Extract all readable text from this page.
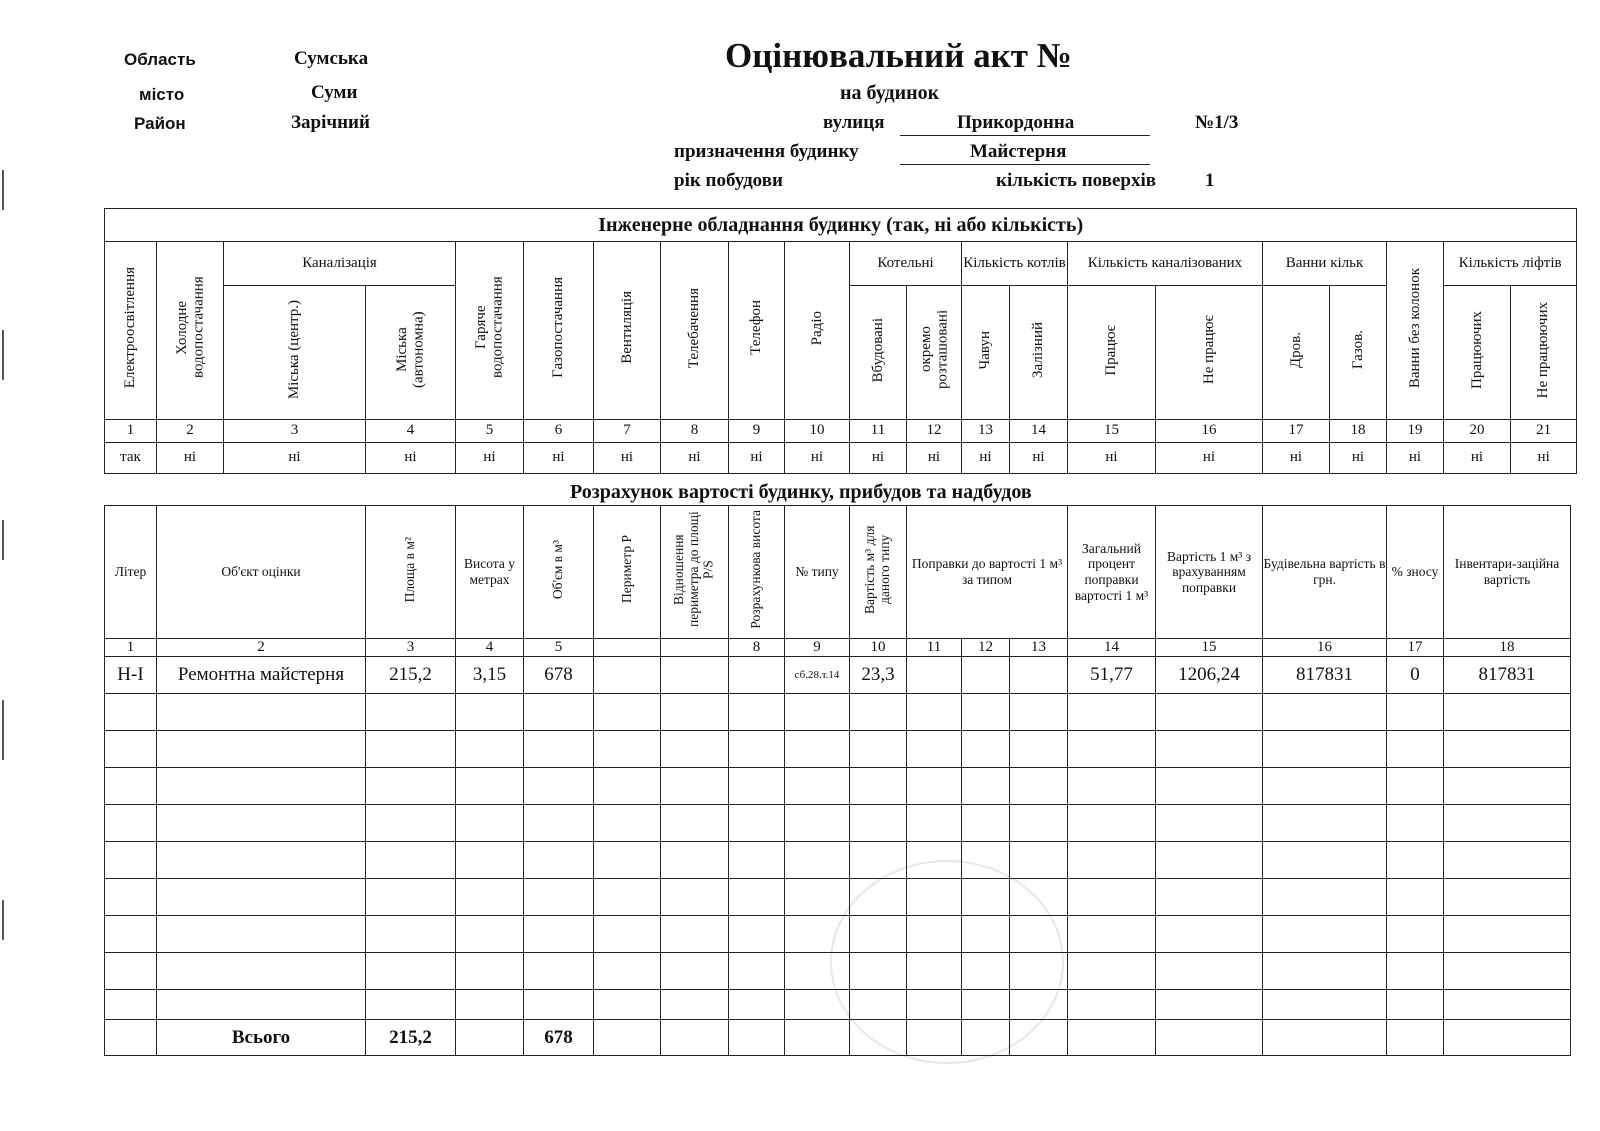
Область	Сумська
місто	Суми
Район	Зарічний
Оцінювальний акт №
на будинок
вулиця	Прикордонна	№1/3
призначення будинку	Майстерня
рік побудови	кількість поверхів	1
Інженерне обладнання будинку (так, ні або кількість)																				
Електроосвітлення	Холодне водопостачання	Каналізація		Гаряче водопостачання	Газопостачання	Вентиляція	Телебачення	Телефон	Радіо	Котельні		Кількість котлів		Кількість каналізованих		Ванни кільк		Ванни без колонок	Кількість ліфтів	
		Міська (центр.)	Міська (автономна)							Вбудовані	окремо розташовані	Чавун	Залізний	Працює	Не працює	Дров.	Газов.		Працюючих	Не працюючих
1	2	3	4	5	6	7	8	9	10	11	12	13	14	15	16	17	18	19	20	21
так	ні	ні	ні	ні	ні	ні	ні	ні	ні	ні	ні	ні	ні	ні	ні	ні	ні	ні	ні	ні
Розрахунок вартості будинку, прибудов та надбудов
Літер	Об'єкт оцінки	Площа в м²	Висота у метрах	Об'єм в м³	Периметр Р	Відношення периметра до площі P/S	Розрахункова висота	№ типу	Вартість м³ для даного типу	Поправки до вартості 1 м³ за типом			Загальний процент поправки вартості 1 м³	Вартість 1 м³ з врахуванням поправки	Будівельна вартість в грн.	% зносу	Інвентари-заційна вартість
1	2	3	4	5			8	9	10	11	12	13	14	15	16	17	18
Н-І	Ремонтна майстерня	215,2	3,15	678				сб.28.т.14	23,3				51,77	1206,24	817831	0	817831

	Всього	215,2		678													
